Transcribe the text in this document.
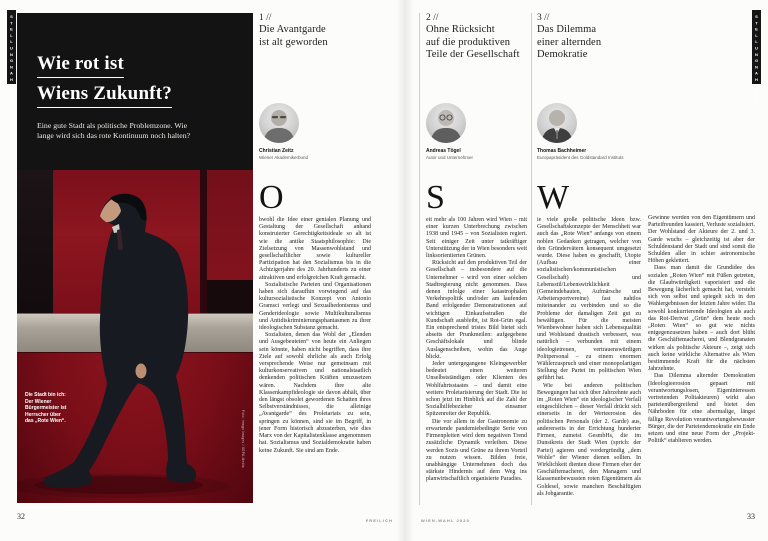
STELLUNGNAHMEN	STELLUNGNAHMEN
Wie rot ist
Wiens Zukunft?
Eine gute Stadt als politische Problemzone. Wie lange wird sich das rote Kontinuum noch halten?
Die Stadt bin ich: Der Wiener Bürgermeister ist Herrscher über das „Rote Wien“.	Foto: imago images / SEPA.Media
1 //
Die Avantgarde
ist alt geworden
Christian Zeitz
Wiener Akademikerbund
O

bwohl die Idee einer genialen Planung und Gestaltung der Gesellschaft anhand konstruierter Gerechtigkeitsideale so alt ist wie die antike Staatsphilosophie: Die Zielsetzung von Massenwohlstand und gesellschaftlicher sowie kultureller Partizipation hat den Sozialismus bis in die Achtzigerjahre des 20. Jahrhunderts zu einer attraktiven und erfolgreichen Kraft gemacht.

Sozialistische Parteien und Organisationen haben sich daraufhin vorwiegend auf das kultursozialistische Konzept von Antonio Gramsci verlegt und Sexualhedonismus und Genderideologie sowie Multikulturalismus und Antidiskriminierungsphantasmen zu ihrer ideologischen Substanz gemacht.

Sozialisten, denen das Wohl der „Elenden und Ausgebeuteten“ von heute ein Anliegen sein könnte, haben nicht begriffen, dass ihre Ziele auf sowohl ehrliche als auch Erfolg versprechende Weise nur gemeinsam mit kulturkonservativen und nationalstaatlich denkenden politischen Kräften umzusetzen wären. Nachdem ihre alte Klassenkampfideologie sie davon abhält, über den längst obsolet gewordenen Schatten ihres Selbstverständnisses, die alleinige „Avantgarde“ des Proletariats zu sein, springen zu können, sind sie im Begriff, in jener Form historisch abzusterben, wie dies Marx von der Kapitalistenklasse angenommen hat. Sozialismus und Sozialdemokratie haben keine Zukunft. Sie sind am Ende.

2 //
Ohne Rücksicht
auf die produktiven
Teile der Gesellschaft
Andreas Tögel
Autor und Unternehmer
S

eit mehr als 100 Jahren wird Wien – mit einer kurzen Unterbrechung zwischen 1938 und 1945 – von Sozialisten regiert. Seit einiger Zeit unter tatkräftiger Unterstützung der in Wien besonders weit linksorientierten Grünen.

Rücksicht auf den produktiven Teil der Gesellschaft – insbesondere auf die Unternehmer – wird von einer solchen Stadtregierung nicht genommen. Dass denen infolge einer katastrophalen Verkehrspolitik und/oder am laufenden Band erfolgender Demonstrationen auf wichtigen Einkaufsstraßen die Kundschaft ausbleibt, ist Rot-Grün egal. Ein entsprechend tristes Bild bietet sich abseits der Prunkmeilen: aufgegebene Geschäftslokale und blinde Auslagenscheiben, wohin das Auge blickt.

Jeder untergegangene Kleingewerbler bedeutet einen weiteren Unselbstständigen oder Klienten des Wohlfahrtsstaates – und damit eine weitere Proletarisierung der Stadt. Die ist schon jetzt im Hinblick auf die Zahl der Sozialhilfebezieher einsamer Spitzenreiter der Republik.

Die vor allem in der Gastronomie zu erwartende pandemiebedingte Serie von Firmenpleiten wird dem negativen Trend zusätzliche Dynamik verleihen. Diese werden Sozis und Grüne zu ihrem Vorteil zu nutzen wissen. Bilden freie, unabhängige Unternehmen doch das stärkste Hindernis auf dem Weg ins planwirtschaftlich organisierte Paradies.

3 //
Das Dilemma
einer alternden
Demokratie
Thomas Bachheimer
Europapräsident des Goldstandard Instituts
W

ie viele große politische Ideen bzw. Gesellschaftskonzepte der Menschheit war auch das „Rote Wien“ anfangs von einem noblen Gedanken getragen, welcher von den Gründervätern konsequent umgesetzt wurde. Diese haben es geschafft, Utopie (Aufbau einer sozialistischen/kommunistischen Gesellschaft) und Lebensstil/Lebenswirklichkeit (Gemeindebauten, Aufmärsche und Arbeitersportvereine) fast nahtlos miteinander zu verbinden und so die Probleme der damaligen Zeit gut zu bewältigen. Für die meisten Wienbewohner haben sich Lebensqualität und Wohlstand drastisch verbessert, was natürlich – verbunden mit einem ideologietreuen, vertrauenswürdigen Politpersonal – zu einem enormen Wählerzuspruch und einer monopolartigen Stellung der Partei im politischen Wien geführt hat.

Wie bei anderen politischen Bewegungen hat sich über Jahrzehnte auch im „Roten Wien“ ein ideologischer Verfall eingeschlichen – dieser Verfall drückt sich einerseits in der Werteerosion des politischen Personals (der 2. Garde) aus, andererseits in der Errichtung hunderter Firmen, zumeist GesmbHs, die im Dunstkreis der Stadt Wien (sprich: der Partei) agieren und vordergründig „dem Wohle“ der Wiener dienen sollten. In Wirklichkeit dienten diese Firmen eher der Geschäftemacherei, den Managern und klassenunbewussten roten Eigentümern als Goldesel, sowie manchen Beschäftigten als Jobgarantie.

Gewinne werden von den Eigentümern und Parteifreunden kassiert, Verluste sozialisiert. Der Wohlstand der Akteure der 2. und 3. Garde wuchs – gleichzeitig ist aber der Schuldenstand der Stadt und sind somit die Schulden aller in schier astronomische Höhen geklettert.

Dass man damit die Grundidee des sozialen „Roten Wien“ mit Füßen getreten, die Glaubwürdigkeit vaporisiert und die Bewegung lächerlich gemacht hat, versteht sich von selbst und spiegelt sich in den Wahlergebnissen der letzten Jahre wider. Da sowohl konkurrierende Ideologien als auch das Rot-Derivat „Grün“ dem heute noch „Roten Wien“ so gut wie nichts entgegenzusetzen haben – auch dort blüht die Geschäftemacherei, und Blendgranaten wirken als politische Akteure –, zeigt sich auch keine wirkliche Alternative als Wien bestimmende Kraft für die nächsten Jahrzehnte.

Das Dilemma alternder Demokratien (Ideologieerosion gepaart mit verantwortungslosen, Eigeninteressen vertretenden Politakteuren) wirkt also parteienübergreifend und bietet den Nährboden für eine abermalige, längst fällige Revolution verantwortungsbewusster Bürger, die der Parteiendemokratie ein Ende setzen und eine neue Form der „Projekt-Politik“ etablieren werden.

32	FREILICH	WIEN-WAHL 2020	33
